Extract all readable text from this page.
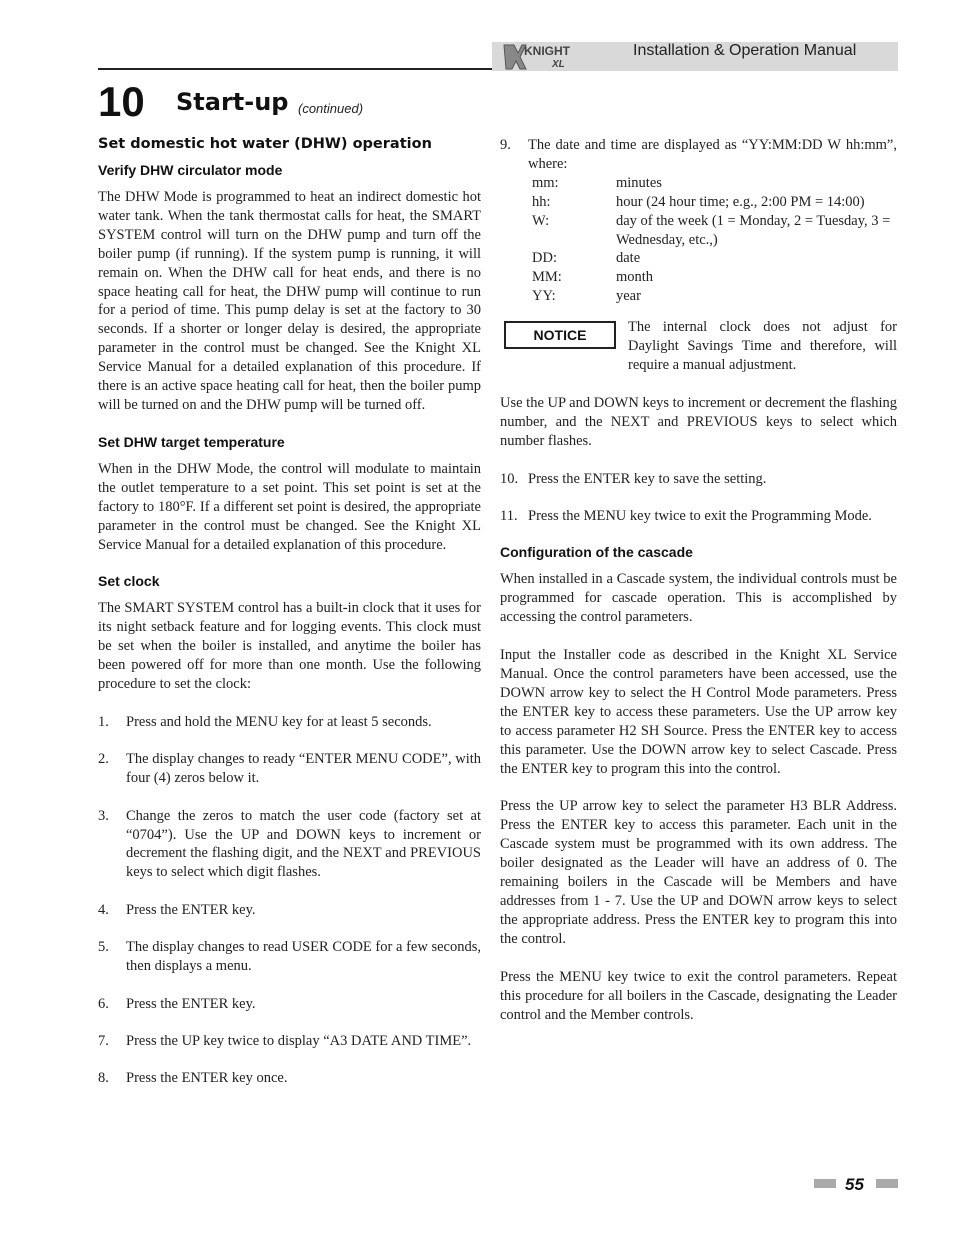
KNIGHT
XL
Installation & Operation Manual
10 Start-up (continued)
Set domestic hot water (DHW) operation
Verify DHW circulator mode

The DHW Mode is programmed to heat an indirect domestic hot water tank. When the tank thermostat calls for heat, the SMART SYSTEM control will turn on the DHW pump and turn off the boiler pump (if running). If the system pump is running, it will remain on. When the DHW call for heat ends, and there is no space heating call for heat, the DHW pump will continue to run for a period of time. This pump delay is set at the factory to 30 seconds. If a shorter or longer delay is desired, the appropriate parameter in the control must be changed. See the Knight XL Service Manual for a detailed explanation of this procedure. If there is an active space heating call for heat, then the boiler pump will be turned on and the DHW pump will be turned off.

Set DHW target temperature

When in the DHW Mode, the control will modulate to maintain the outlet temperature to a set point. This set point is set at the factory to 180°F. If a different set point is desired, the appropriate parameter in the control must be changed. See the Knight XL Service Manual for a detailed explanation of this procedure.

Set clock

The SMART SYSTEM control has a built-in clock that it uses for its night setback feature and for logging events. This clock must be set when the boiler is installed, and anytime the boiler has been powered off for more than one month. Use the following procedure to set the clock:

1.	Press and hold the MENU key for at least 5 seconds.
2.	The display changes to ready “ENTER MENU CODE”, with four (4) zeros below it.
3.	Change the zeros to match the user code (factory set at “0704”). Use the UP and DOWN keys to increment or decrement the flashing digit, and the NEXT and PREVIOUS keys to select which digit flashes.
4.	Press the ENTER key.
5.	The display changes to read USER CODE for a few seconds, then displays a menu.
6.	Press the ENTER key.
7.	Press the UP key twice to display “A3 DATE AND TIME”.
8.	Press the ENTER key once.
9.	The date and time are displayed as “YY:MM:DD W hh:mm”, where:
mm:	minutes
hh:	hour (24 hour time; e.g., 2:00 PM = 14:00)
W:	day of the week (1 = Monday, 2 = Tuesday, 3 = Wednesday, etc.,)
DD:	date
MM:	month
YY:	year
NOTICE	The internal clock does not adjust for Daylight Savings Time and therefore, will require a manual adjustment.

Use the UP and DOWN keys to increment or decrement the flashing number, and the NEXT and PREVIOUS keys to select which number flashes.

10. Press the ENTER key to save the setting.
11. Press the MENU key twice to exit the Programming Mode.
Configuration of the cascade

When installed in a Cascade system, the individual controls must be programmed for cascade operation. This is accomplished by accessing the control parameters.

Input the Installer code as described in the Knight XL Service Manual. Once the control parameters have been accessed, use the DOWN arrow key to select the H Control Mode parameters. Press the ENTER key to access these parameters. Use the UP arrow key to access parameter H2 SH Source. Press the ENTER key to access this parameter. Use the DOWN arrow key to select Cascade. Press the ENTER key to program this into the control.

Press the UP arrow key to select the parameter H3 BLR Address. Press the ENTER key to access this parameter. Each unit in the Cascade system must be programmed with its own address. The boiler designated as the Leader will have an address of 0. The remaining boilers in the Cascade will be Members and have addresses from 1 - 7. Use the UP and DOWN arrow keys to select the appropriate address. Press the ENTER key to program this into the control.

Press the MENU key twice to exit the control parameters. Repeat this procedure for all boilers in the Cascade, designating the Leader control and the Member controls.

55
